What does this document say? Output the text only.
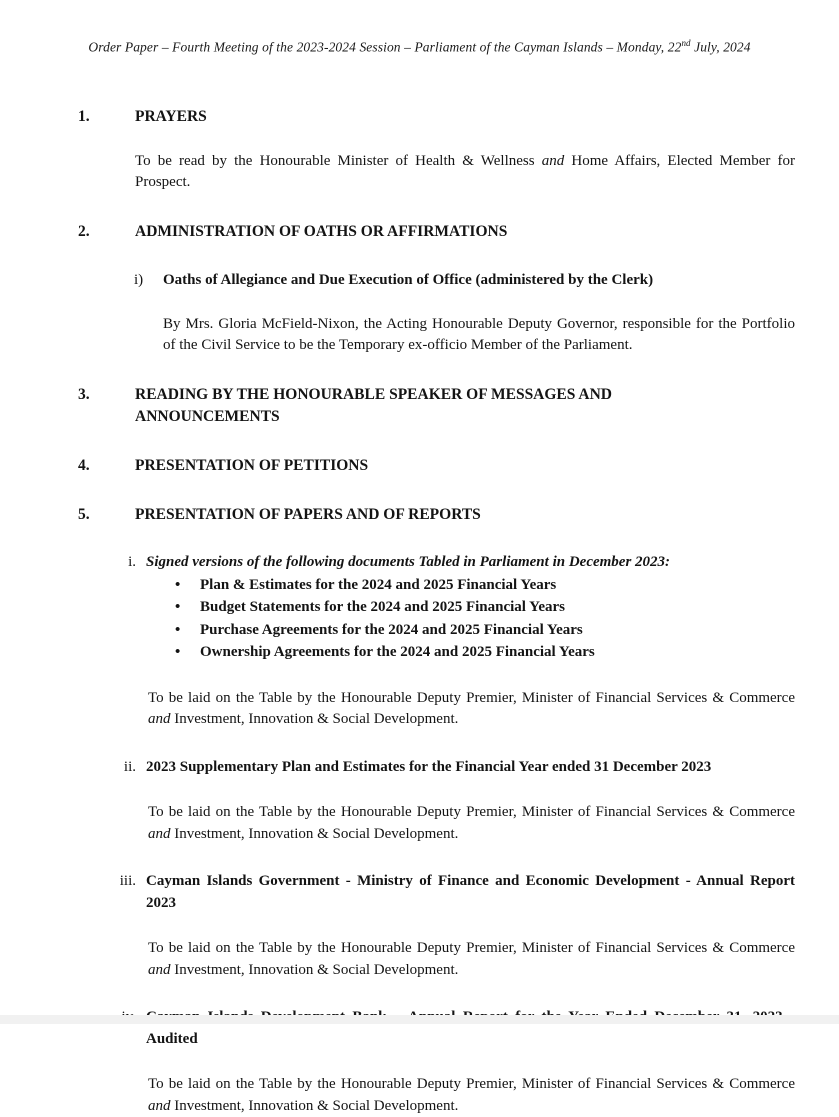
Order Paper – Fourth Meeting of the 2023-2024 Session – Parliament of the Cayman Islands – Monday, 22nd July, 2024
1.	PRAYERS

To be read by the Honourable Minister of Health & Wellness and Home Affairs, Elected Member for Prospect.

2.	ADMINISTRATION OF OATHS OR AFFIRMATIONS
i)	Oaths of Allegiance and Due Execution of Office (administered by the Clerk)

By Mrs. Gloria McField-Nixon, the Acting Honourable Deputy Governor, responsible for the Portfolio of the Civil Service to be the Temporary ex-officio Member of the Parliament.

3.	READING BY THE HONOURABLE SPEAKER OF MESSAGES AND ANNOUNCEMENTS
4.	PRESENTATION OF PETITIONS
5.	PRESENTATION OF PAPERS AND OF REPORTS
i. Signed versions of the following documents Tabled in Parliament in December 2023:
• Plan & Estimates for the 2024 and 2025 Financial Years
• Budget Statements for the 2024 and 2025 Financial Years
• Purchase Agreements for the 2024 and 2025 Financial Years
• Ownership Agreements for the 2024 and 2025 Financial Years

To be laid on the Table by the Honourable Deputy Premier, Minister of Financial Services & Commerce and Investment, Innovation & Social Development.

ii. 2023 Supplementary Plan and Estimates for the Financial Year ended 31 December 2023

To be laid on the Table by the Honourable Deputy Premier, Minister of Financial Services & Commerce and Investment, Innovation & Social Development.

iii. Cayman Islands Government - Ministry of Finance and Economic Development - Annual Report 2023

To be laid on the Table by the Honourable Deputy Premier, Minister of Financial Services & Commerce and Investment, Innovation & Social Development.

Audited

To be laid on the Table by the Honourable Deputy Premier, Minister of Financial Services & Commerce and Investment, Innovation & Social Development.
